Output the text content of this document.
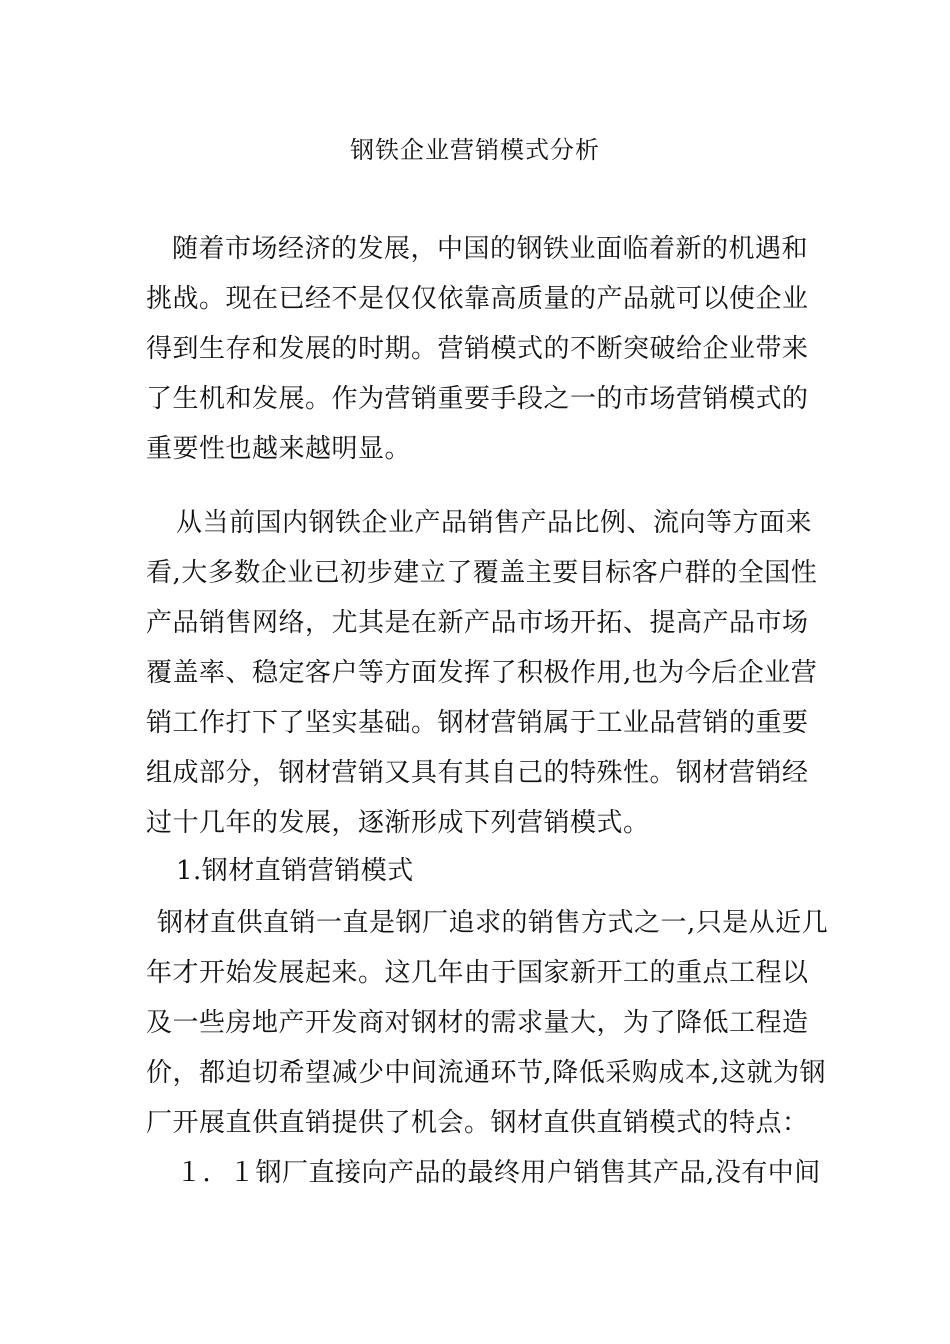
钢铁企业营销模式分析
随着市场经济的发展，中国的钢铁业面临着新的机遇和
挑战。现在已经不是仅仅依靠高质量的产品就可以使企业
得到生存和发展的时期。营销模式的不断突破给企业带来
了生机和发展。作为营销重要手段之一的市场营销模式的
重要性也越来越明显。
从当前国内钢铁企业产品销售产品比例、流向等方面来
看,大多数企业已初步建立了覆盖主要目标客户群的全国性
产品销售网络，尤其是在新产品市场开拓、提高产品市场
覆盖率、稳定客户等方面发挥了积极作用,也为今后企业营
销工作打下了坚实基础。钢材营销属于工业品营销的重要
组成部分，钢材营销又具有其自己的特殊性。钢材营销经
过十几年的发展，逐渐形成下列营销模式。
1.钢材直销营销模式
钢材直供直销一直是钢厂追求的销售方式之一,只是从近几
年才开始发展起来。这几年由于国家新开工的重点工程以
及一些房地产开发商对钢材的需求量大，为了降低工程造
价，都迫切希望减少中间流通环节,降低采购成本,这就为钢
厂开展直供直销提供了机会。钢材直供直销模式的特点：
１．１钢厂直接向产品的最终用户销售其产品,没有中间
